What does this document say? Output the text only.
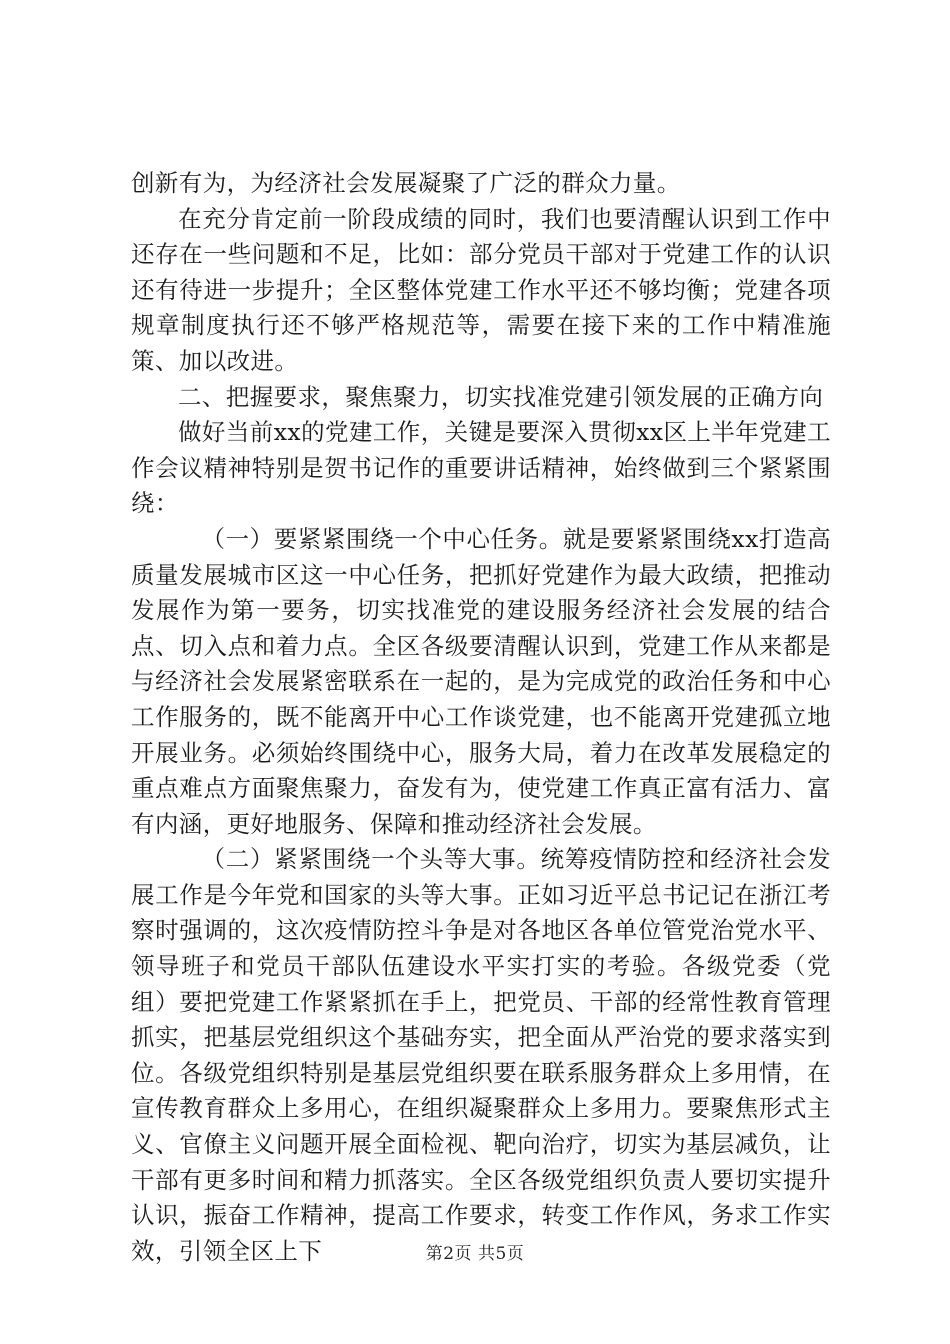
创新有为，为经济社会发展凝聚了广泛的群众力量。

在充分肯定前一阶段成绩的同时，我们也要清醒认识到工作中还存在一些问题和不足，比如：部分党员干部对于党建工作的认识还有待进一步提升；全区整体党建工作水平还不够均衡；党建各项规章制度执行还不够严格规范等，需要在接下来的工作中精准施策、加以改进。

二、把握要求，聚焦聚力，切实找准党建引领发展的正确方向

做好当前xx的党建工作，关键是要深入贯彻xx区上半年党建工作会议精神特别是贺书记作的重要讲话精神，始终做到三个紧紧围绕：

（一）要紧紧围绕一个中心任务。就是要紧紧围绕xx打造高质量发展城市区这一中心任务，把抓好党建作为最大政绩，把推动发展作为第一要务，切实找准党的建设服务经济社会发展的结合点、切入点和着力点。全区各级要清醒认识到，党建工作从来都是与经济社会发展紧密联系在一起的，是为完成党的政治任务和中心工作服务的，既不能离开中心工作谈党建，也不能离开党建孤立地开展业务。必须始终围绕中心，服务大局，着力在改革发展稳定的重点难点方面聚焦聚力，奋发有为，使党建工作真正富有活力、富有内涵，更好地服务、保障和推动经济社会发展。

（二）紧紧围绕一个头等大事。统筹疫情防控和经济社会发展工作是今年党和国家的头等大事。正如习近平总书记记在浙江考察时强调的，这次疫情防控斗争是对各地区各单位管党治党水平、领导班子和党员干部队伍建设水平实打实的考验。各级党委（党组）要把党建工作紧紧抓在手上，把党员、干部的经常性教育管理抓实，把基层党组织这个基础夯实，把全面从严治党的要求落实到位。各级党组织特别是基层党组织要在联系服务群众上多用情，在宣传教育群众上多用心，在组织凝聚群众上多用力。要聚焦形式主义、官僚主义问题开展全面检视、靶向治疗，切实为基层减负，让干部有更多时间和精力抓落实。全区各级党组织负责人要切实提升认识，振奋工作精神，提高工作要求，转变工作作风，务求工作实效，引领全区上下	第2页 共5页
